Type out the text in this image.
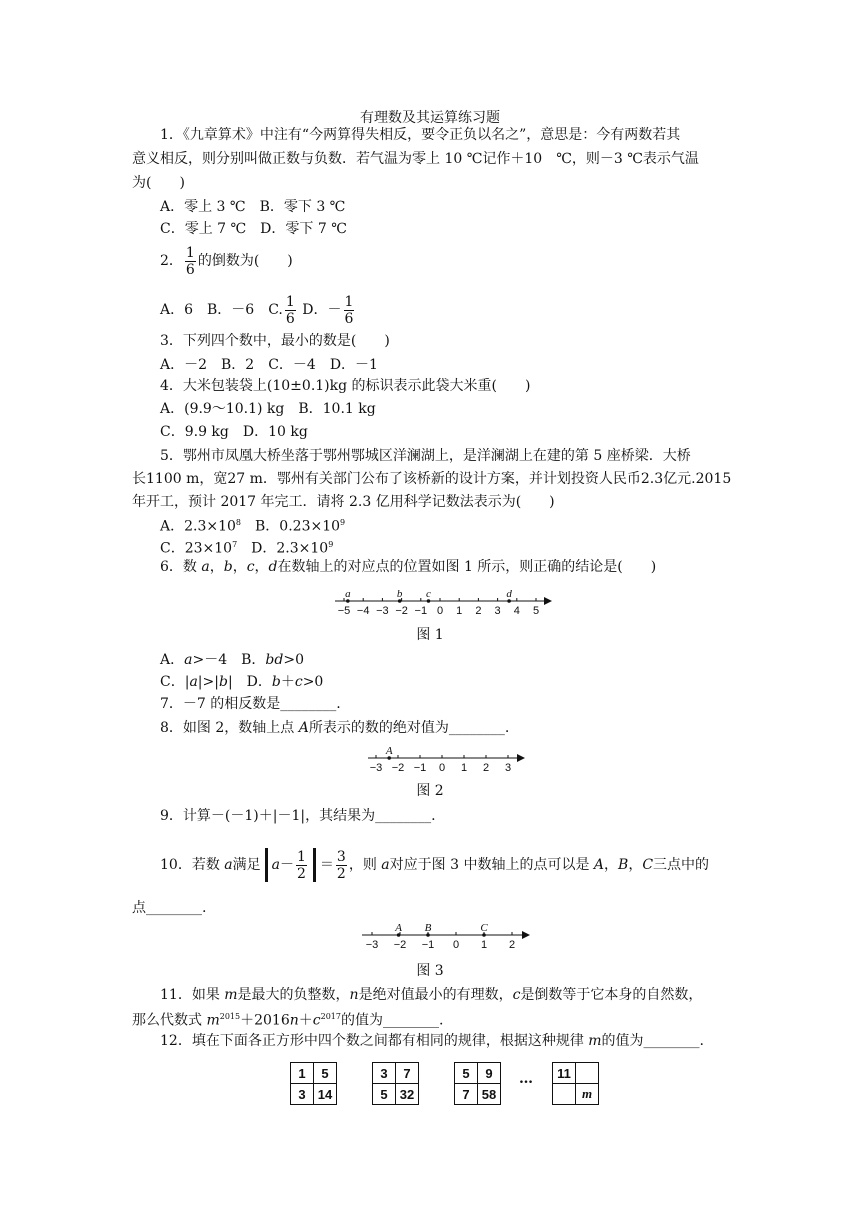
有理数及其运算练习题
1．《九章算术》中注有“今两算得失相反，要令正负以名之”，意思是：今有两数若其
意义相反，则分别叫做正数与负数．若气温为零上 10 ℃记作＋10　℃，则－3 ℃表示气温
为(　　)
A．零上 3 ℃　B．零下 3 ℃
C．零上 7 ℃　D．零下 7 ℃
2． $\frac{1}{6}$ 的倒数为(　　)
A．6　B．－6　C. $\frac{1}{6}$ D．－ $\frac{1}{6}$
3．下列四个数中，最小的数是(　　)
A．－2　B．2　C．－4　D．－1
4．大米包装袋上(10±0.1)kg 的标识表示此袋大米重(　　)
A．(9.9～10.1) kg　B．10.1 kg
C．9.9 kg　D．10 kg
5．鄂州市凤凰大桥坐落于鄂州鄂城区洋澜湖上，是洋澜湖上在建的第 5 座桥梁．大桥
长1100 m，宽27 m．鄂州有关部门公布了该桥新的设计方案，并计划投资人民币2.3亿元.2015
年开工，预计 2017 年完工．请将 2.3 亿用科学记数法表示为(　　)
A．$2.3\times 10^8$　B．$0.23\times 10^9$
C．$23\times 10^7$　D．$2.3\times 10^9$
6．数 a，b，c，d在数轴上的对应点的位置如图 1 所示，则正确的结论是(　　)
−5 −4 −3 −2 −1 0 1 2 3 4 5
a	b c	d
图 1
A．a>－4　B．bd>0
C．|a|>|b|　D．b＋c>0
7．－7 的相反数是________.
8．如图 2，数轴上点 A所表示的数的绝对值为________.
−3 −2 −1 0 1 2 3
A
图 2
9．计算－(－1)＋|－1|，其结果为________.
10．若数 a满足 $a- \frac{1}{2} = \frac{3}{2}$ ，则 a对应于图 3 中数轴上的点可以是 A，B，C三点中的
点________.
−3 −2 −1 0 1 2
A B	C
图 3
11．如果 m是最大的负整数，n是绝对值最小的有理数，c是倒数等于它本身的自然数，
那么代数式 $m^{2015}+2016n+c^{2017}$的值为________.
12．填在下面各正方形中四个数之间都有相同的规律，根据这种规律 m的值为________.
1	5
3	14
3	7
5	32
5	9
7	58
11	
	m
…
